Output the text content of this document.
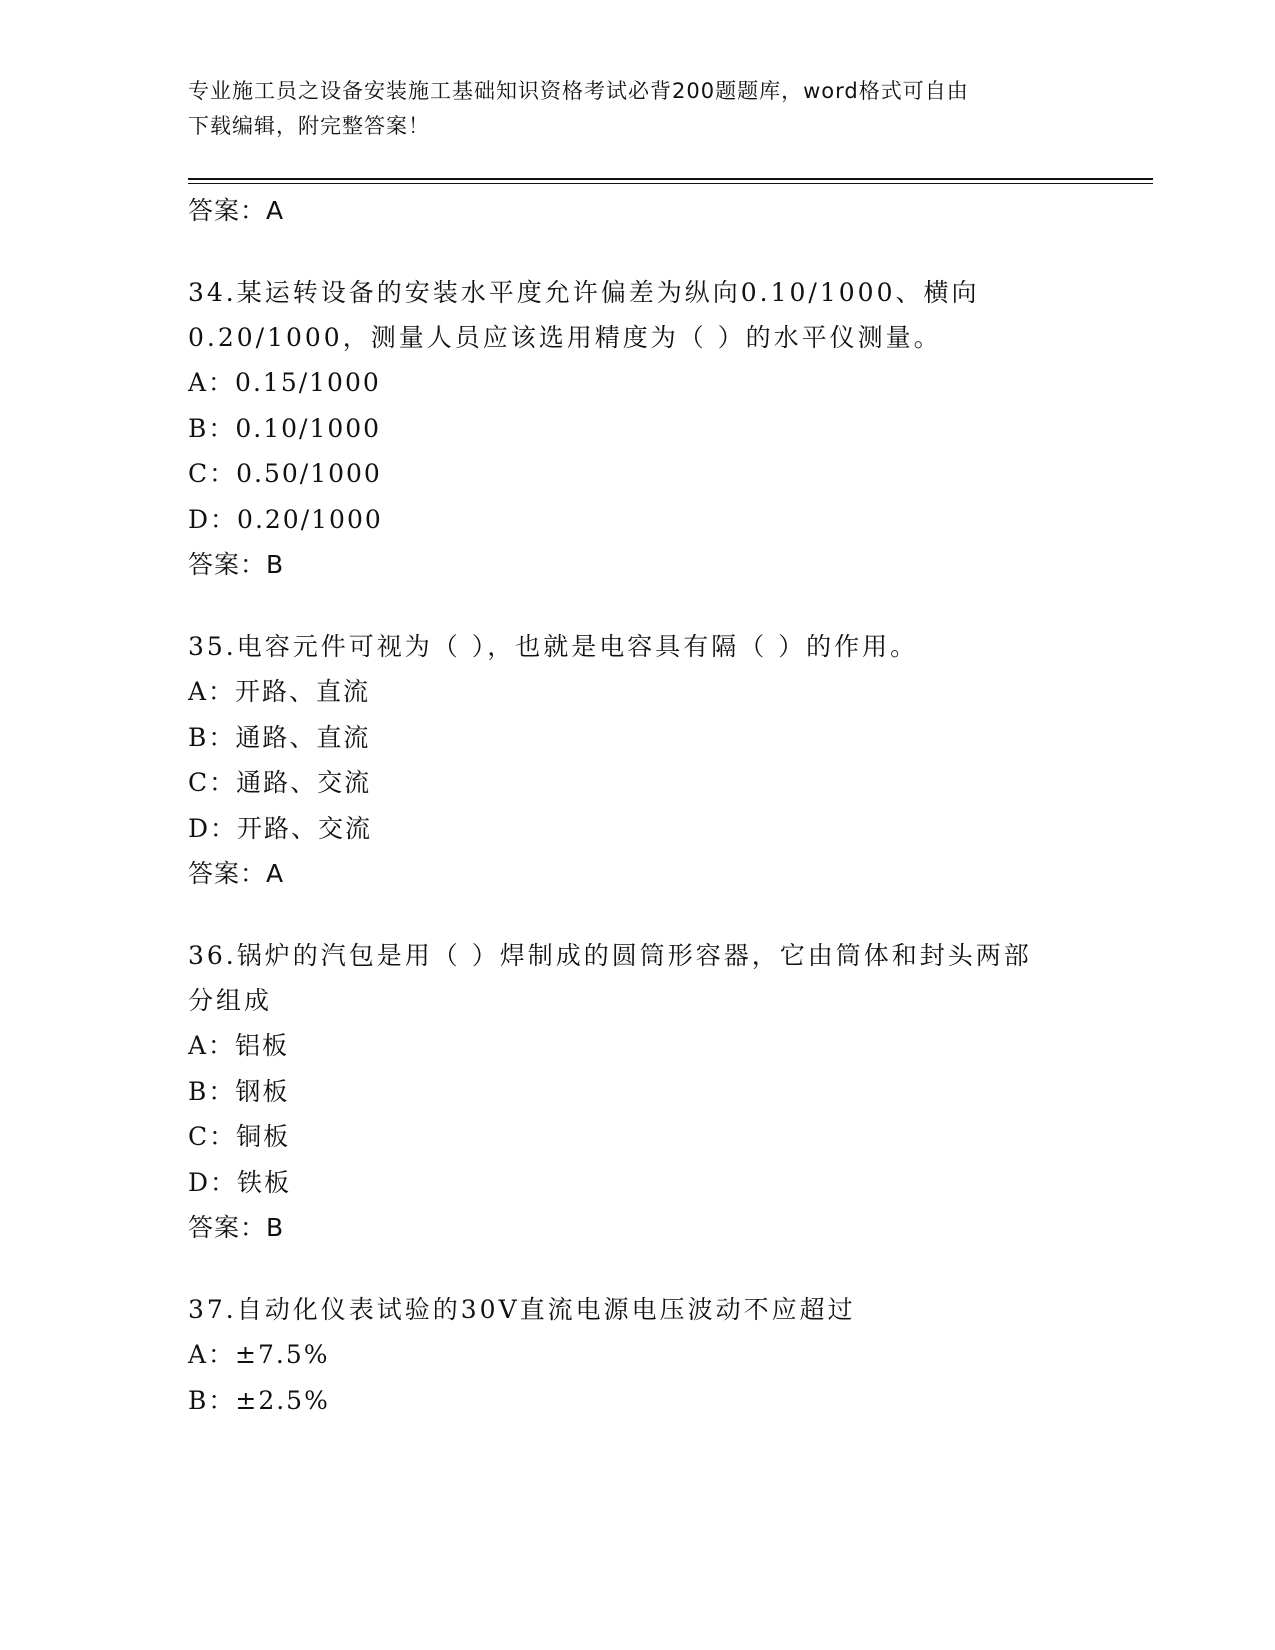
专业施工员之设备安装施工基础知识资格考试必背200题题库，word格式可自由
下载编辑，附完整答案！
答案：A
34.某运转设备的安装水平度允许偏差为纵向0.10/1000、横向
0.20/1000，测量人员应该选用精度为（ ）的水平仪测量。
A：0.15/1000
B：0.10/1000
C：0.50/1000
D：0.20/1000
答案：B
35.电容元件可视为（ ），也就是电容具有隔（ ）的作用。
A：开路、直流
B：通路、直流
C：通路、交流
D：开路、交流
答案：A
36.锅炉的汽包是用（ ）焊制成的圆筒形容器，它由筒体和封头两部
分组成
A：铝板
B：钢板
C：铜板
D：铁板
答案：B
37.自动化仪表试验的30V直流电源电压波动不应超过
A：±7.5%
B：±2.5%
